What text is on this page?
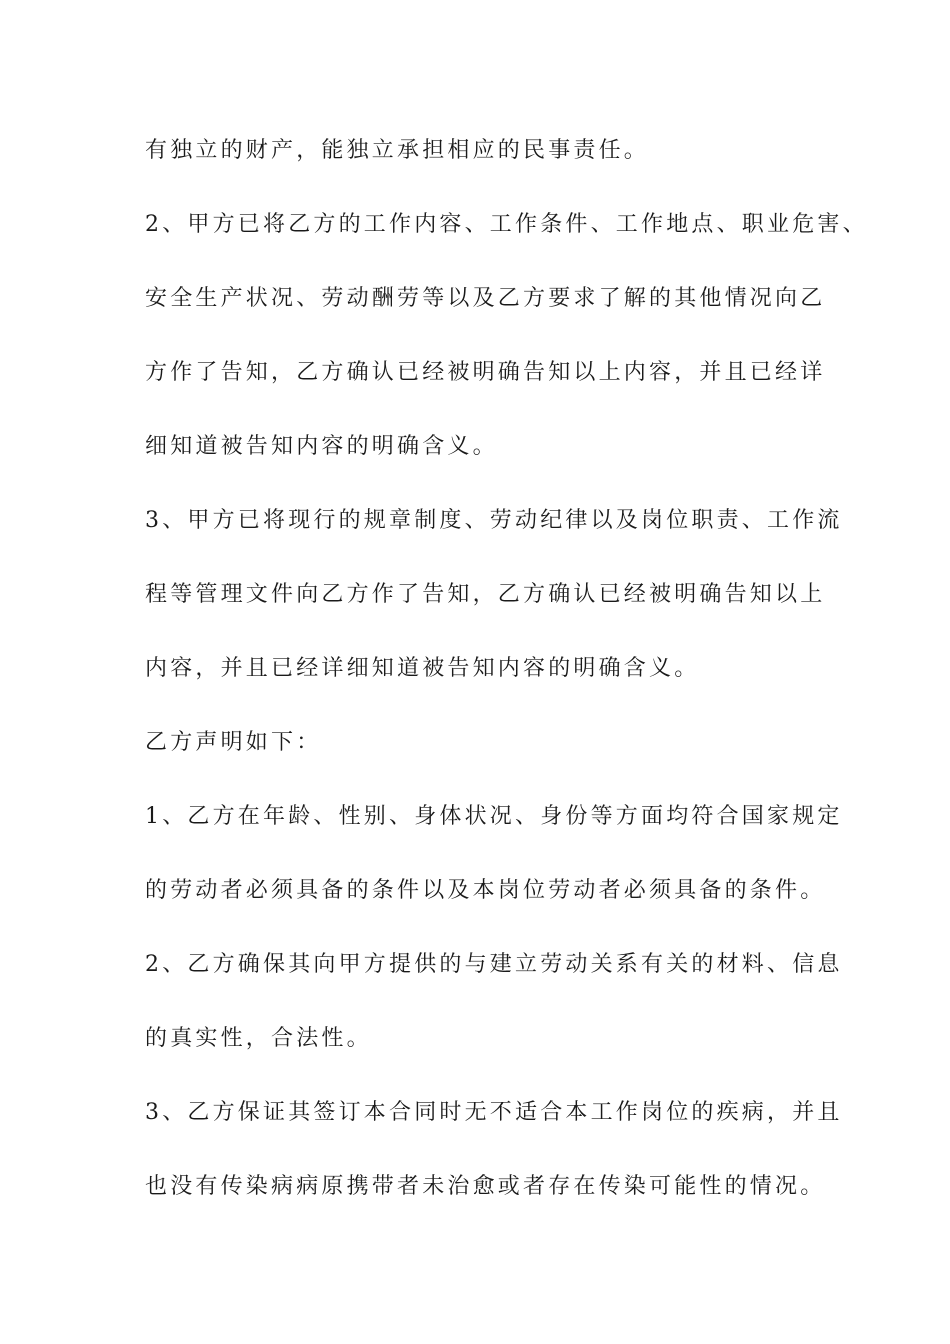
有独立的财产，能独立承担相应的民事责任。
2、甲方已将乙方的工作内容、工作条件、工作地点、职业危害、
安全生产状况、劳动酬劳等以及乙方要求了解的其他情况向乙
方作了告知，乙方确认已经被明确告知以上内容，并且已经详
细知道被告知内容的明确含义。
3、甲方已将现行的规章制度、劳动纪律以及岗位职责、工作流
程等管理文件向乙方作了告知，乙方确认已经被明确告知以上
内容，并且已经详细知道被告知内容的明确含义。
乙方声明如下：
1、乙方在年龄、性别、身体状况、身份等方面均符合国家规定
的劳动者必须具备的条件以及本岗位劳动者必须具备的条件。
2、乙方确保其向甲方提供的与建立劳动关系有关的材料、信息
的真实性，合法性。
3、乙方保证其签订本合同时无不适合本工作岗位的疾病，并且
也没有传染病病原携带者未治愈或者存在传染可能性的情况。
